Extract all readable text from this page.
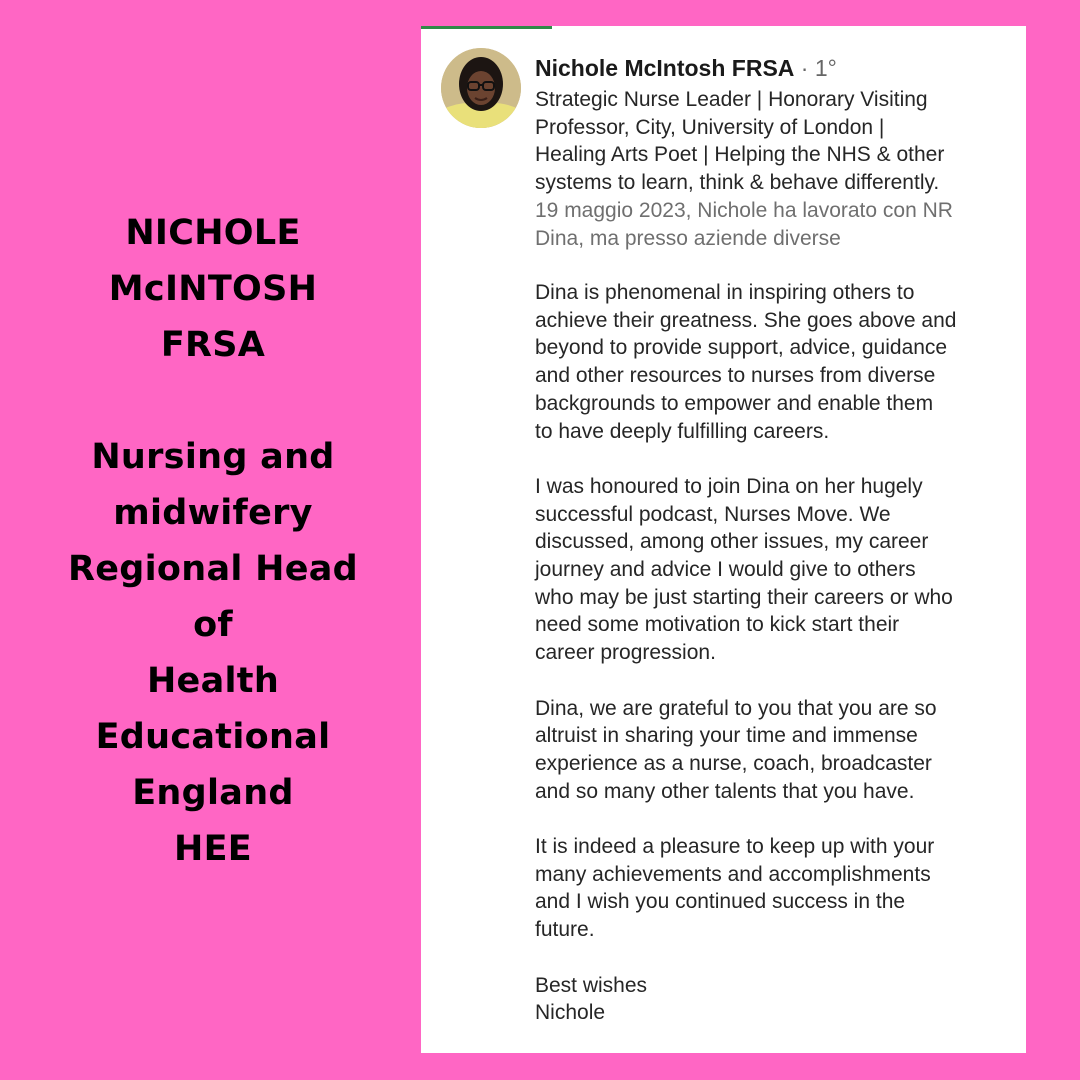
NICHOLE
McINTOSH
FRSA
Nursing and
midwifery
Regional Head
of
Health
Educational
England
HEE
Nichole McIntosh FRSA · 1°
Strategic Nurse Leader | Honorary Visiting
Professor, City, University of London |
Healing Arts Poet | Helping the NHS & other
systems to learn, think & behave differently.
19 maggio 2023, Nichole ha lavorato con NR
Dina, ma presso aziende diverse
Dina is phenomenal in inspiring others to
achieve their greatness. She goes above and
beyond to provide support, advice, guidance
and other resources to nurses from diverse
backgrounds to empower and enable them
to have deeply fulfilling careers.
I was honoured to join Dina on her hugely
successful podcast, Nurses Move. We
discussed, among other issues, my career
journey and advice I would give to others
who may be just starting their careers or who
need some motivation to kick start their
career progression.
Dina, we are grateful to you that you are so
altruist in sharing your time and immense
experience as a nurse, coach, broadcaster
and so many other talents that you have.
It is indeed a pleasure to keep up with your
many achievements and accomplishments
and I wish you continued success in the
future.
Best wishes
Nichole
